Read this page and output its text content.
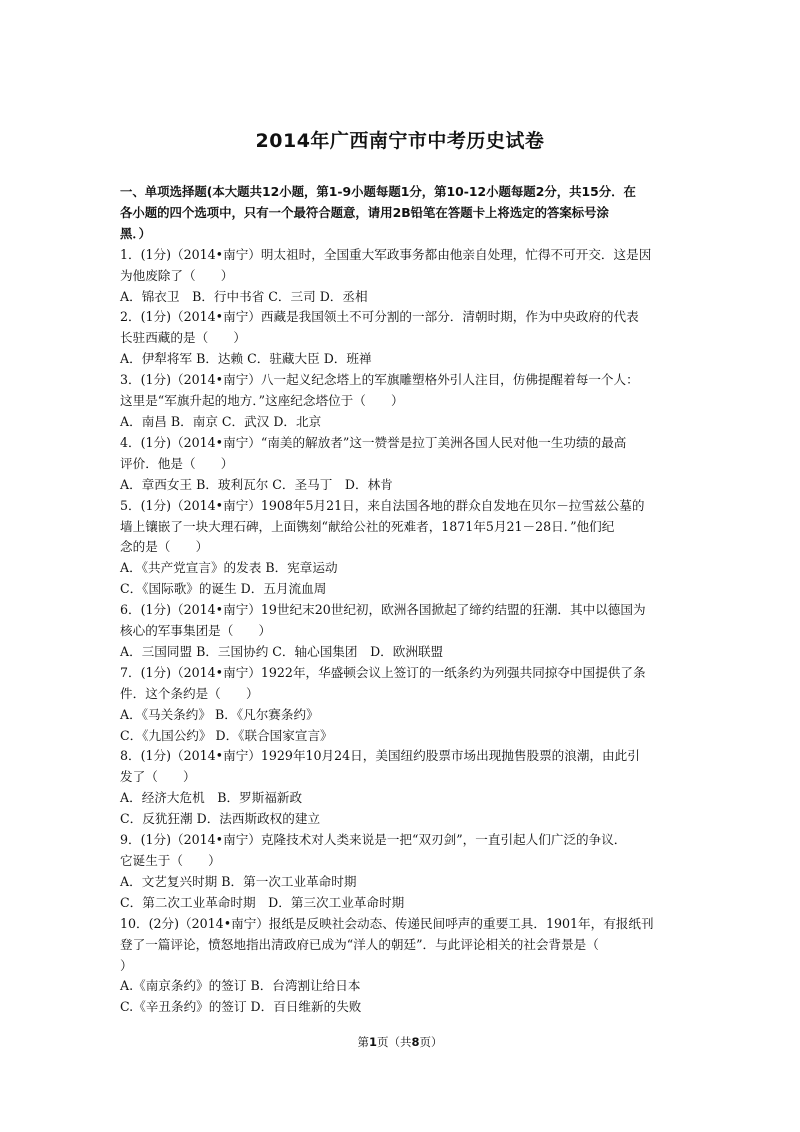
2014年广西南宁市中考历史试卷
一、单项选择题(本大题共12小题，第1-9小题每题1分，第10-12小题每题2分，共15分．在
各小题的四个选项中，只有一个最符合题意，请用2B铅笔在答题卡上将选定的答案标号涂
黑．）
1．(1分)（2014•南宁）明太祖时，全国重大军政事务都由他亲自处理，忙得不可开交．这是因
为他废除了（　　）
A．锦衣卫　B．行中书省 C．三司 D．丞相
2．(1分)（2014•南宁）西藏是我国领土不可分割的一部分．清朝时期，作为中央政府的代表
长驻西藏的是（　　）
A．伊犁将军 B．达赖 C．驻藏大臣 D．班禅
3．(1分)（2014•南宁）八一起义纪念塔上的军旗雕塑格外引人注目，仿佛提醒着每一个人：
这里是“军旗升起的地方．”这座纪念塔位于（　　）
A．南昌 B．南京 C．武汉 D．北京
4．(1分)（2014•南宁）“南美的解放者”这一赞誉是拉丁美洲各国人民对他一生功绩的最高
评价．他是（　　）
A．章西女王 B．玻利瓦尔 C．圣马丁　D．林肯
5．(1分)（2014•南宁）1908年5月21日，来自法国各地的群众自发地在贝尔－拉雪兹公墓的
墙上镶嵌了一块大理石碑，上面镌刻“献给公社的死难者，1871年5月21－28日．”他们纪
念的是（　　）
A．《共产党宣言》的发表 B．宪章运动
C．《国际歌》的诞生 D．五月流血周
6．(1分)（2014•南宁）19世纪末20世纪初，欧洲各国掀起了缔约结盟的狂潮．其中以德国为
核心的军事集团是（　　）
A．三国同盟 B．三国协约 C．轴心国集团　D．欧洲联盟
7．(1分)（2014•南宁）1922年，华盛顿会议上签订的一纸条约为列强共同掠夺中国提供了条
件．这个条约是（　　）
A．《马关条约》 B．《凡尔赛条约》
C．《九国公约》 D．《联合国家宣言》
8．(1分)（2014•南宁）1929年10月24日，美国纽约股票市场出现抛售股票的浪潮，由此引
发了（　　）
A．经济大危机　B．罗斯福新政
C．反犹狂潮 D．法西斯政权的建立
9．(1分)（2014•南宁）克隆技术对人类来说是一把“双刃剑”，一直引起人们广泛的争议．
它诞生于（　　）
A．文艺复兴时期 B．第一次工业革命时期
C．第二次工业革命时期　D．第三次工业革命时期
10．(2分)（2014•南宁）报纸是反映社会动态、传递民间呼声的重要工具．1901年，有报纸刊
登了一篇评论，愤怒地指出清政府已成为“洋人的朝廷”．与此评论相关的社会背景是（
）
A.《南京条约》的签订 B．台湾割让给日本
C.《辛丑条约》的签订 D．百日维新的失败
第1页（共8页）
